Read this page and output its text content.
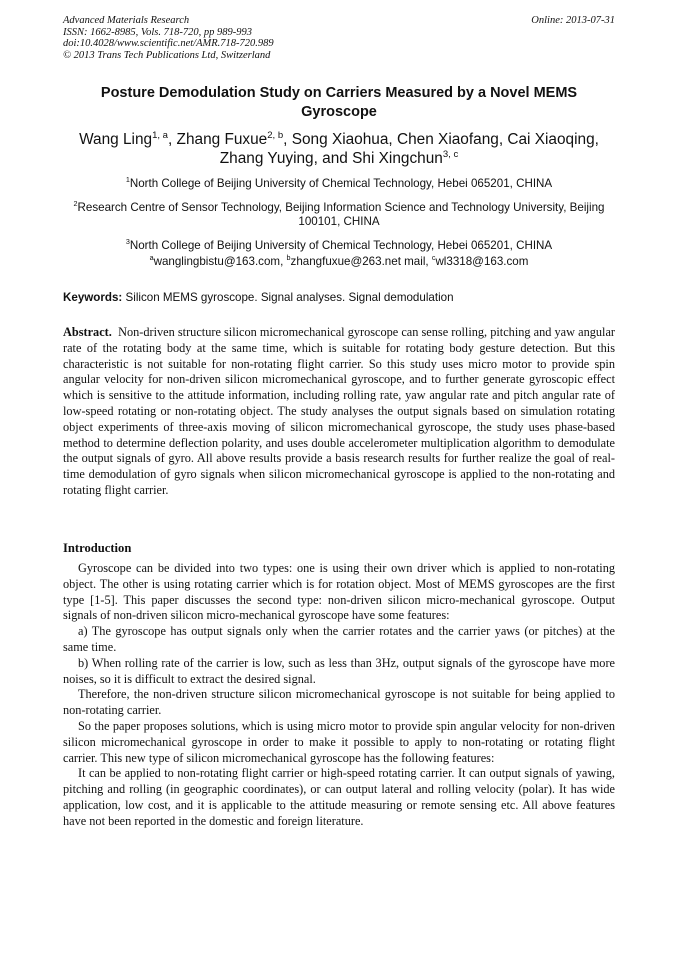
Advanced Materials Research
ISSN: 1662-8985, Vols. 718-720, pp 989-993
doi:10.4028/www.scientific.net/AMR.718-720.989
© 2013 Trans Tech Publications Ltd, Switzerland
Online: 2013-07-31
Posture Demodulation Study on Carriers Measured by a Novel MEMS Gyroscope
Wang Ling$^{1, a}$, Zhang Fuxue$^{2, b}$, Song Xiaohua, Chen Xiaofang, Cai Xiaoqing,
Zhang Yuying, and Shi Xingchun$^{3, c}$
$^1$North College of Beijing University of Chemical Technology, Hebei 065201, CHINA
$^2$Research Centre of Sensor Technology, Beijing Information Science and Technology University, Beijing 100101, CHINA
$^3$North College of Beijing University of Chemical Technology, Hebei 065201, CHINA
$^a$wanglingbistu@163.com, $^b$zhangfuxue@263.net mail, $^c$wl3318@163.com
Keywords: Silicon MEMS gyroscope. Signal analyses. Signal demodulation
Abstract. Non-driven structure silicon micromechanical gyroscope can sense rolling, pitching and yaw angular rate of the rotating body at the same time, which is suitable for rotating body gesture detection. But this characteristic is not suitable for non-rotating flight carrier. So this study uses micro motor to provide spin angular velocity for non-driven silicon micromechanical gyroscope, and to further generate gyroscopic effect which is sensitive to the attitude information, including rolling rate, yaw angular rate and pitch angular rate of low-speed rotating or non-rotating object. The study analyses the output signals based on simulation rotating object experiments of three-axis moving of silicon micromechanical gyroscope, the study uses phase-based method to determine deflection polarity, and uses double accelerometer multiplication algorithm to demodulate the output signals of gyro. All above results provide a basis research results for further realize the goal of real-time demodulation of gyro signals when silicon micromechanical gyroscope is applied to the non-rotating and rotating flight carrier.
Introduction

Gyroscope can be divided into two types: one is using their own driver which is applied to non-rotating object. The other is using rotating carrier which is for rotation object. Most of MEMS gyroscopes are the first type [1-5]. This paper discusses the second type: non-driven silicon micro-mechanical gyroscope. Output signals of non-driven silicon micro-mechanical gyroscope have some features:

a) The gyroscope has output signals only when the carrier rotates and the carrier yaws (or pitches) at the same time.

b) When rolling rate of the carrier is low, such as less than 3Hz, output signals of the gyroscope have more noises, so it is difficult to extract the desired signal.

Therefore, the non-driven structure silicon micromechanical gyroscope is not suitable for being applied to non-rotating carrier.

So the paper proposes solutions, which is using micro motor to provide spin angular velocity for non-driven silicon micromechanical gyroscope in order to make it possible to apply to non-rotating or rotating flight carrier. This new type of silicon micromechanical gyroscope has the following features:

It can be applied to non-rotating flight carrier or high-speed rotating carrier. It can output signals of yawing, pitching and rolling (in geographic coordinates), or can output lateral and rolling velocity (polar). It has wide application, low cost, and it is applicable to the attitude measuring or remote sensing etc. All above features have not been reported in the domestic and foreign literature.
